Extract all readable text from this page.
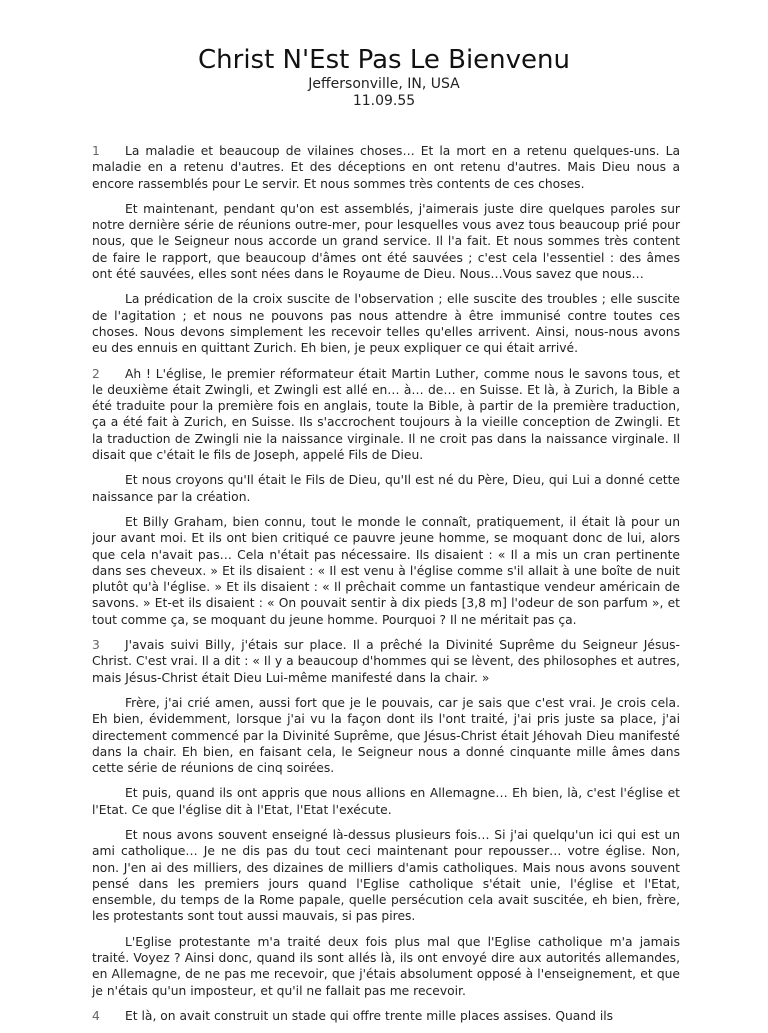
Christ N'Est Pas Le Bienvenu

Jeffersonville, IN, USA

11.09.55

1 La maladie et beaucoup de vilaines choses… Et la mort en a retenu quelques-uns. La maladie en a retenu d'autres. Et des déceptions en ont retenu d'autres. Mais Dieu nous a encore rassemblés pour Le servir. Et nous sommes très contents de ces choses.

Et maintenant, pendant qu'on est assemblés, j'aimerais juste dire quelques paroles sur notre dernière série de réunions outre-mer, pour lesquelles vous avez tous beaucoup prié pour nous, que le Seigneur nous accorde un grand service. Il l'a fait. Et nous sommes très content de faire le rapport, que beaucoup d'âmes ont été sauvées ; c'est cela l'essentiel : des âmes ont été sauvées, elles sont nées dans le Royaume de Dieu. Nous…Vous savez que nous…

La prédication de la croix suscite de l'observation ; elle suscite des troubles ; elle suscite de l'agitation ; et nous ne pouvons pas nous attendre à être immunisé contre toutes ces choses. Nous devons simplement les recevoir telles qu'elles arrivent. Ainsi, nous-nous avons eu des ennuis en quittant Zurich. Eh bien, je peux expliquer ce qui était arrivé.

2 Ah ! L'église, le premier réformateur était Martin Luther, comme nous le savons tous, et le deuxième était Zwingli, et Zwingli est allé en… à… de… en Suisse. Et là, à Zurich, la Bible a été traduite pour la première fois en anglais, toute la Bible, à partir de la première traduction, ça a été fait à Zurich, en Suisse. Ils s'accrochent toujours à la vieille conception de Zwingli. Et la traduction de Zwingli nie la naissance virginale. Il ne croit pas dans la naissance virginale. Il disait que c'était le fils de Joseph, appelé Fils de Dieu.

Et nous croyons qu'Il était le Fils de Dieu, qu'Il est né du Père, Dieu, qui Lui a donné cette naissance par la création.

Et Billy Graham, bien connu, tout le monde le connaît, pratiquement, il était là pour un jour avant moi. Et ils ont bien critiqué ce pauvre jeune homme, se moquant donc de lui, alors que cela n'avait pas… Cela n'était pas nécessaire. Ils disaient : « Il a mis un cran pertinente dans ses cheveux. » Et ils disaient : « Il est venu à l'église comme s'il allait à une boîte de nuit plutôt qu'à l'église. » Et ils disaient : « Il prêchait comme un fantastique vendeur américain de savons. » Et-et ils disaient : « On pouvait sentir à dix pieds [3,8 m] l'odeur de son parfum », et tout comme ça, se moquant du jeune homme. Pourquoi ? Il ne méritait pas ça.

3 J'avais suivi Billy, j'étais sur place. Il a prêché la Divinité Suprême du Seigneur Jésus-Christ. C'est vrai. Il a dit : « Il y a beaucoup d'hommes qui se lèvent, des philosophes et autres, mais Jésus-Christ était Dieu Lui-même manifesté dans la chair. »

Frère, j'ai crié amen, aussi fort que je le pouvais, car je sais que c'est vrai. Je crois cela. Eh bien, évidemment, lorsque j'ai vu la façon dont ils l'ont traité, j'ai pris juste sa place, j'ai directement commencé par la Divinité Suprême, que Jésus-Christ était Jéhovah Dieu manifesté dans la chair. Eh bien, en faisant cela, le Seigneur nous a donné cinquante mille âmes dans cette série de réunions de cinq soirées.

Et puis, quand ils ont appris que nous allions en Allemagne… Eh bien, là, c'est l'église et l'Etat. Ce que l'église dit à l'Etat, l'Etat l'exécute.

Et nous avons souvent enseigné là-dessus plusieurs fois… Si j'ai quelqu'un ici qui est un ami catholique… Je ne dis pas du tout ceci maintenant pour repousser… votre église. Non, non. J'en ai des milliers, des dizaines de milliers d'amis catholiques. Mais nous avons souvent pensé dans les premiers jours quand l'Eglise catholique s'était unie, l'église et l'Etat, ensemble, du temps de la Rome papale, quelle persécution cela avait suscitée, eh bien, frère, les protestants sont tout aussi mauvais, si pas pires.

L'Eglise protestante m'a traité deux fois plus mal que l'Eglise catholique m'a jamais traité. Voyez ? Ainsi donc, quand ils sont allés là, ils ont envoyé dire aux autorités allemandes, en Allemagne, de ne pas me recevoir, que j'étais absolument opposé à l'enseignement, et que je n'étais qu'un imposteur, et qu'il ne fallait pas me recevoir.

4 Et là, on avait construit un stade qui offre trente mille places assises. Quand ils
